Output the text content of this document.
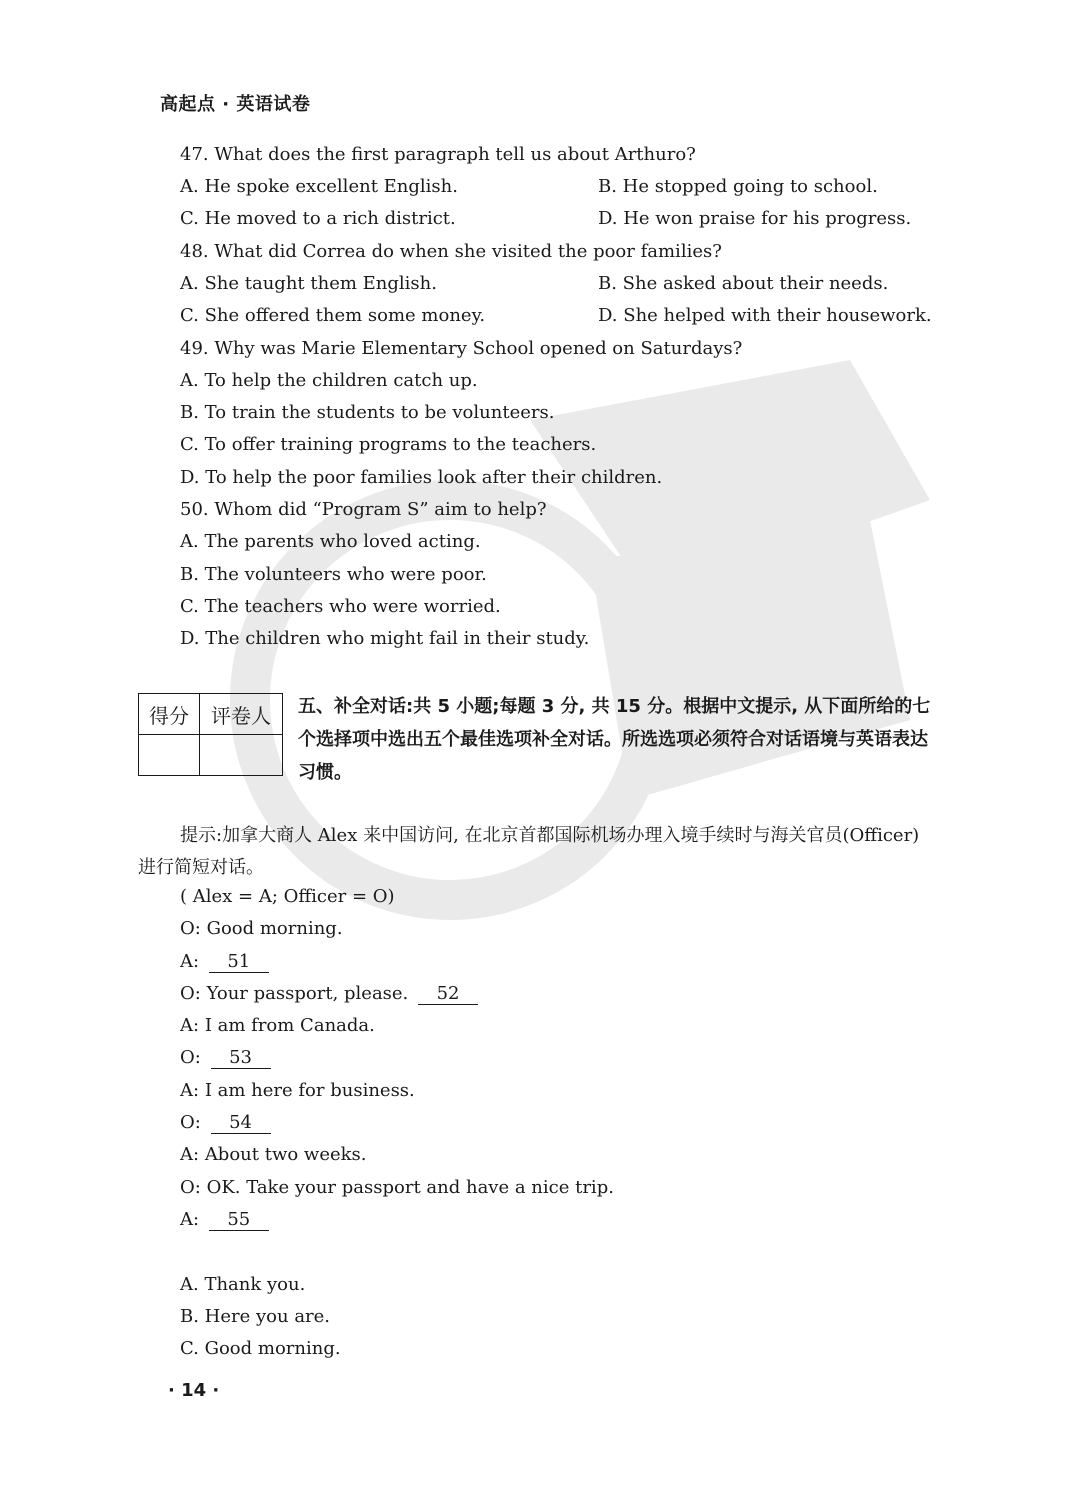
高起点 · 英语试卷
47. What does the first paragraph tell us about Arthuro?
A. He spoke excellent English.	B. He stopped going to school.
C. He moved to a rich district.	D. He won praise for his progress.
48. What did Correa do when she visited the poor families?
A. She taught them English.	B. She asked about their needs.
C. She offered them some money.	D. She helped with their housework.
49. Why was Marie Elementary School opened on Saturdays?
A. To help the children catch up.
B. To train the students to be volunteers.
C. To offer training programs to the teachers.
D. To help the poor families look after their children.
50. Whom did “Program S” aim to help?
A. The parents who loved acting.
B. The volunteers who were poor.
C. The teachers who were worried.
D. The children who might fail in their study.
得分	评卷人
	五、补全对话:共 5 小题;每题 3 分, 共 15 分。根据中文提示, 从下面所给的七个选择项中选出五个最佳选项补全对话。所选选项必须符合对话语境与英语表达习惯。
提示:加拿大商人 Alex 来中国访问, 在北京首都国际机场办理入境手续时与海关官员(Officer) 进行简短对话。
( Alex = A; Officer = O)
O: Good morning.
A: 51
O: Your passport, please. 52
A: I am from Canada.
O: 53
A: I am here for business.
O: 54
A: About two weeks.
O: OK. Take your passport and have a nice trip.
A: 55
A. Thank you.
B. Here you are.
C. Good morning.
· 14 ·
